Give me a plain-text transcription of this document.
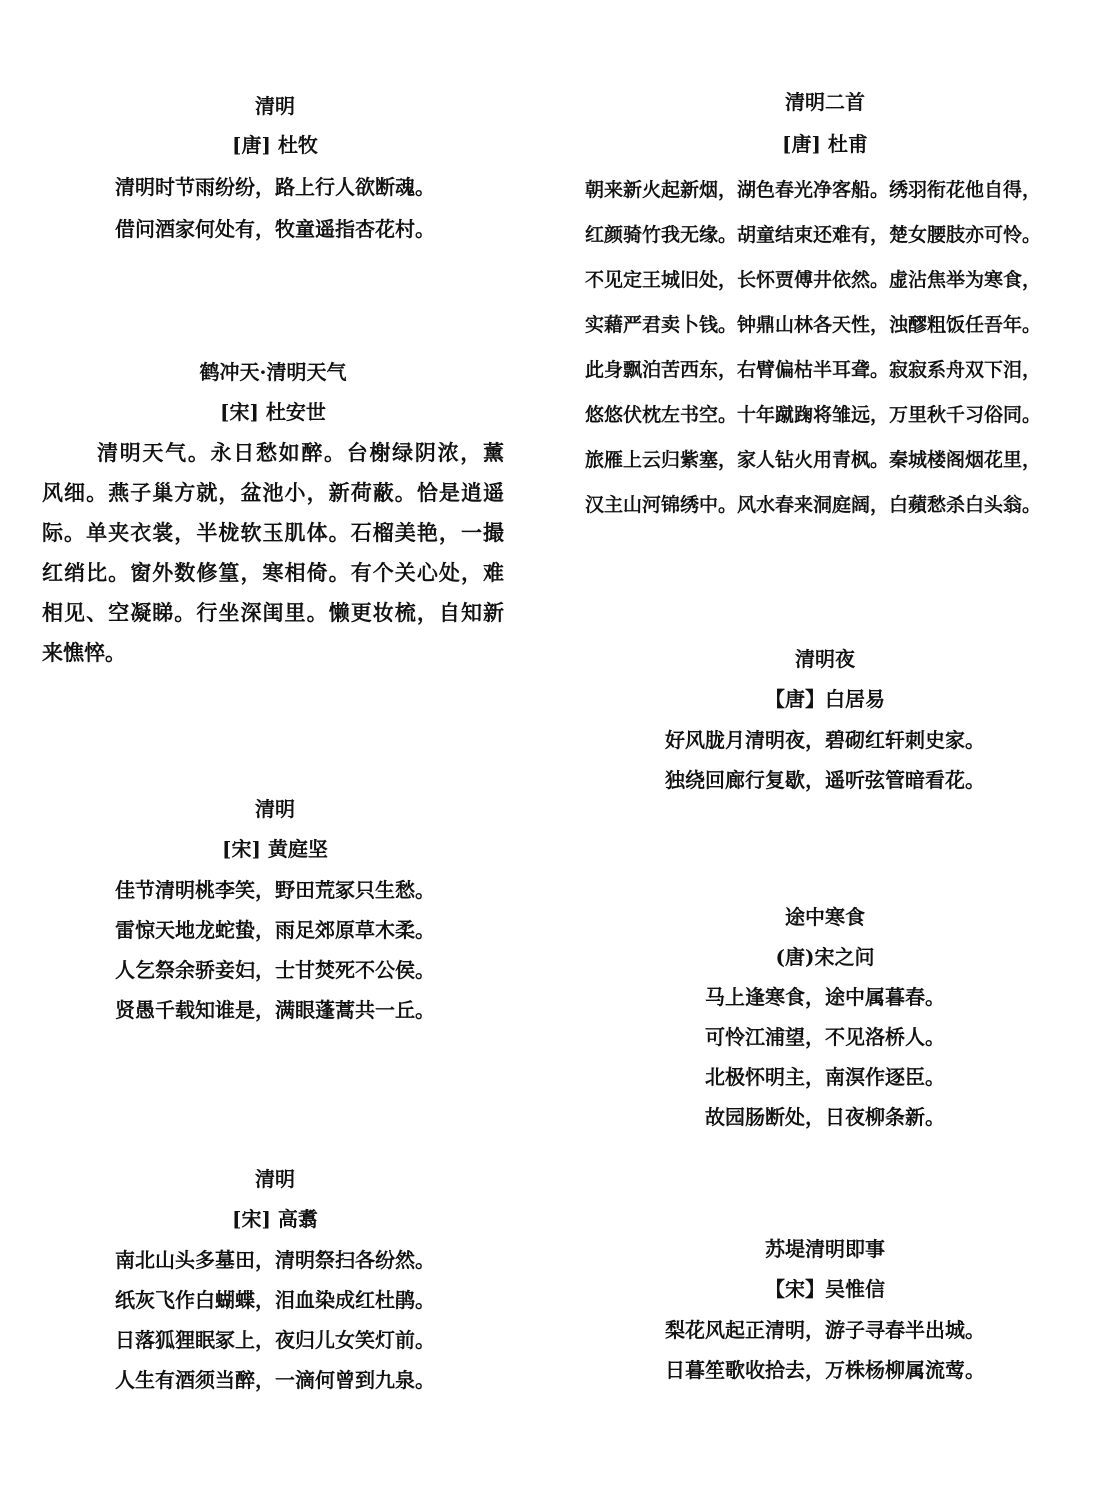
清明
[唐] 杜牧
清明时节雨纷纷，路上行人欲断魂。
借问酒家何处有，牧童遥指杏花村。
鹤冲天·清明天气
[宋] 杜安世
清明天气。永日愁如醉。台榭绿阴浓，薰
风细。燕子巢方就，盆池小，新荷蔽。恰是逍遥
际。单夹衣裳，半栊软玉肌体。石榴美艳，一撮
红绡比。窗外数修篁，寒相倚。有个关心处，难
相见、空凝睇。行坐深闺里。懒更妆梳，自知新
来憔悴。
清明
[宋] 黄庭坚
佳节清明桃李笑，野田荒冢只生愁。
雷惊天地龙蛇蛰，雨足郊原草木柔。
人乞祭余骄妾妇，士甘焚死不公侯。
贤愚千载知谁是，满眼蓬蒿共一丘。
清明
[宋] 高翥
南北山头多墓田，清明祭扫各纷然。
纸灰飞作白蝴蝶，泪血染成红杜鹃。
日落狐狸眠冢上，夜归儿女笑灯前。
人生有酒须当醉，一滴何曾到九泉。
清明二首
[唐] 杜甫
朝来新火起新烟，湖色春光净客船。绣羽衔花他自得，
红颜骑竹我无缘。胡童结束还难有，楚女腰肢亦可怜。
不见定王城旧处，长怀贾傅井依然。虚沾焦举为寒食，
实藉严君卖卜钱。钟鼎山林各天性，浊醪粗饭任吾年。
此身飘泊苦西东，右臂偏枯半耳聋。寂寂系舟双下泪，
悠悠伏枕左书空。十年蹴踘将雏远，万里秋千习俗同。
旅雁上云归紫塞，家人钻火用青枫。秦城楼阁烟花里，
汉主山河锦绣中。风水春来洞庭阔，白蘋愁杀白头翁。
清明夜
【唐】白居易
好风胧月清明夜，碧砌红轩刺史家。
独绕回廊行复歇，遥听弦管暗看花。
途中寒食
(唐)宋之问
马上逢寒食，途中属暮春。
可怜江浦望，不见洛桥人。
北极怀明主，南溟作逐臣。
故园肠断处，日夜柳条新。
苏堤清明即事
【宋】吴惟信
梨花风起正清明，游子寻春半出城。
日暮笙歌收拾去，万株杨柳属流莺。
